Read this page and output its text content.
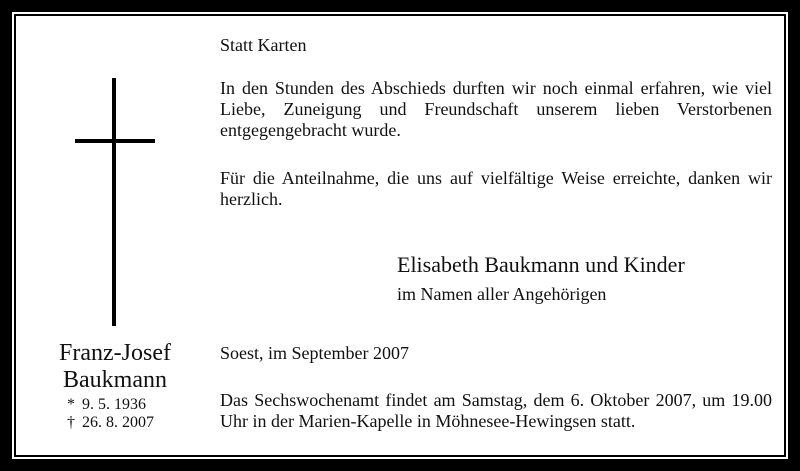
Franz-Josef
Baukmann
* 9. 5. 1936
† 26. 8. 2007
Statt Karten
In den Stunden des Abschieds durften wir noch einmal erfahren, wie viel Liebe, Zuneigung und Freundschaft unserem lieben Verstorbenen entgegengebracht wurde.
Für die Anteilnahme, die uns auf vielfältige Weise erreichte, danken wir herzlich.
Elisabeth Baukmann und Kinder
im Namen aller Angehörigen
Soest, im September 2007
Das Sechswochenamt findet am Samstag, dem 6. Oktober 2007, um 19.00 Uhr in der Marien-Kapelle in Möhnesee-Hewingsen statt.
